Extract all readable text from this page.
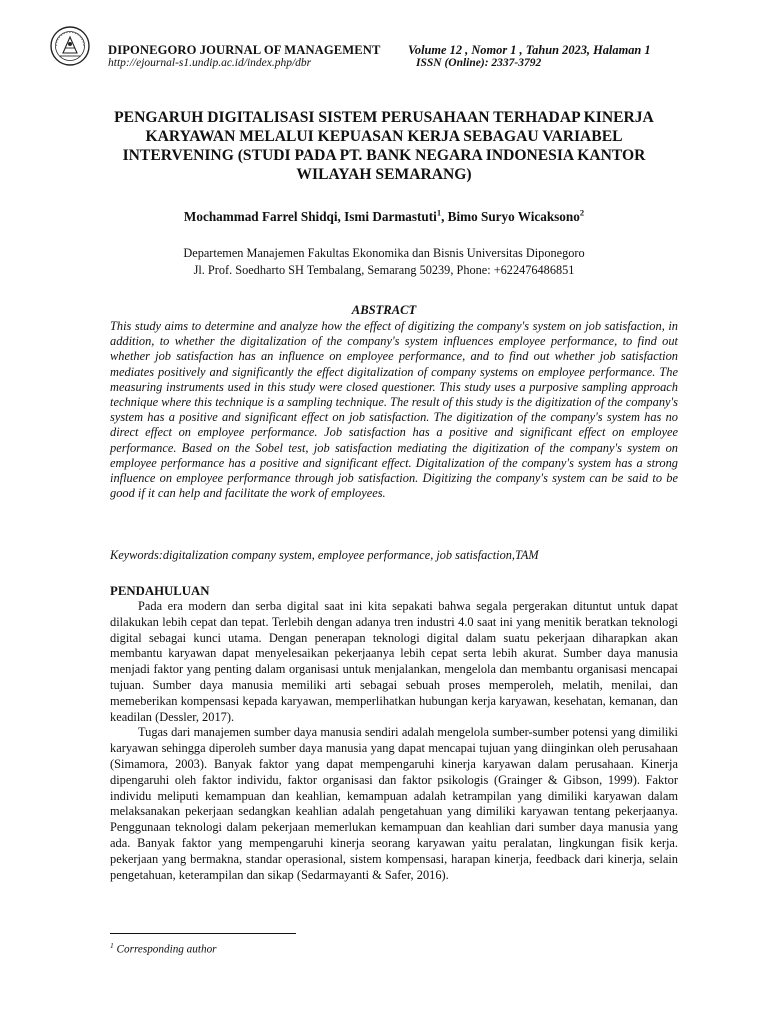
DIPONEGORO JOURNAL OF MANAGEMENT
http://ejournal-s1.undip.ac.id/index.php/dbr
Volume 12 , Nomor 1 , Tahun 2023, Halaman 1
ISSN (Online): 2337-3792
PENGARUH DIGITALISASI SISTEM PERUSAHAAN TERHADAP KINERJA KARYAWAN MELALUI KEPUASAN KERJA SEBAGAU VARIABEL INTERVENING (STUDI PADA PT. BANK NEGARA INDONESIA KANTOR WILAYAH SEMARANG)

Mochammad Farrel Shidqi, Ismi Darmastuti$^1$, Bimo Suryo Wicaksono$^2$

Departemen Manajemen Fakultas Ekonomika dan Bisnis Universitas Diponegoro
Jl. Prof. Soedharto SH Tembalang, Semarang 50239, Phone: +622476486851
ABSTRACT

This study aims to determine and analyze how the effect of digitizing the company's system on job satisfaction, in addition, to whether the digitalization of the company's system influences employee performance, to find out whether job satisfaction has an influence on employee performance, and to find out whether job satisfaction mediates positively and significantly the effect digitalization of company systems on employee performance. The measuring instruments used in this study were closed questioner. This study uses a purposive sampling approach technique where this technique is a sampling technique. The result of this study is the digitization of the company's system has a positive and significant effect on job satisfaction. The digitization of the company's system has no direct effect on employee performance. Job satisfaction has a positive and significant effect on employee performance. Based on the Sobel test, job satisfaction mediating the digitization of the company's system on employee performance has a positive and significant effect. Digitalization of the company's system has a strong influence on employee performance through job satisfaction. Digitizing the company's system can be said to be good if it can help and facilitate the work of employees.

Keywords:digitalization company system, employee performance, job satisfaction,TAM

PENDAHULUAN

Pada era modern dan serba digital saat ini kita sepakati bahwa segala pergerakan dituntut untuk dapat dilakukan lebih cepat dan tepat. Terlebih dengan adanya tren industri 4.0 saat ini yang menitik beratkan teknologi digital sebagai kunci utama. Dengan penerapan teknologi digital dalam suatu pekerjaan diharapkan akan membantu karyawan dapat menyelesaikan pekerjaanya lebih cepat serta lebih akurat. Sumber daya manusia menjadi faktor yang penting dalam organisasi untuk menjalankan, mengelola dan membantu organisasi mencapai tujuan. Sumber daya manusia memiliki arti sebagai sebuah proses memperoleh, melatih, menilai, dan memeberikan kompensasi kepada karyawan, memperlihatkan hubungan kerja karyawan, kesehatan, kemanan, dan keadilan (Dessler, 2017).

Tugas dari manajemen sumber daya manusia sendiri adalah mengelola sumber-sumber potensi yang dimiliki karyawan sehingga diperoleh sumber daya manusia yang dapat mencapai tujuan yang diinginkan oleh perusahaan (Simamora, 2003). Banyak faktor yang dapat mempengaruhi kinerja karyawan dalam perusahaan. Kinerja dipengaruhi oleh faktor individu, faktor organisasi dan faktor psikologis (Grainger & Gibson, 1999). Faktor individu meliputi kemampuan dan keahlian, kemampuan adalah ketrampilan yang dimiliki karyawan dalam melaksanakan pekerjaan sedangkan keahlian adalah pengetahuan yang dimiliki karyawan tentang pekerjaanya. Penggunaan teknologi dalam pekerjaan memerlukan kemampuan dan keahlian dari sumber daya manusia yang ada. Banyak faktor yang mempengaruhi kinerja seorang karyawan yaitu peralatan, lingkungan fisik kerja. pekerjaan yang bermakna, standar operasional, sistem kompensasi, harapan kinerja, feedback dari kinerja, selain pengetahuan, keterampilan dan sikap (Sedarmayanti & Safer, 2016).

$^1$ Corresponding author
